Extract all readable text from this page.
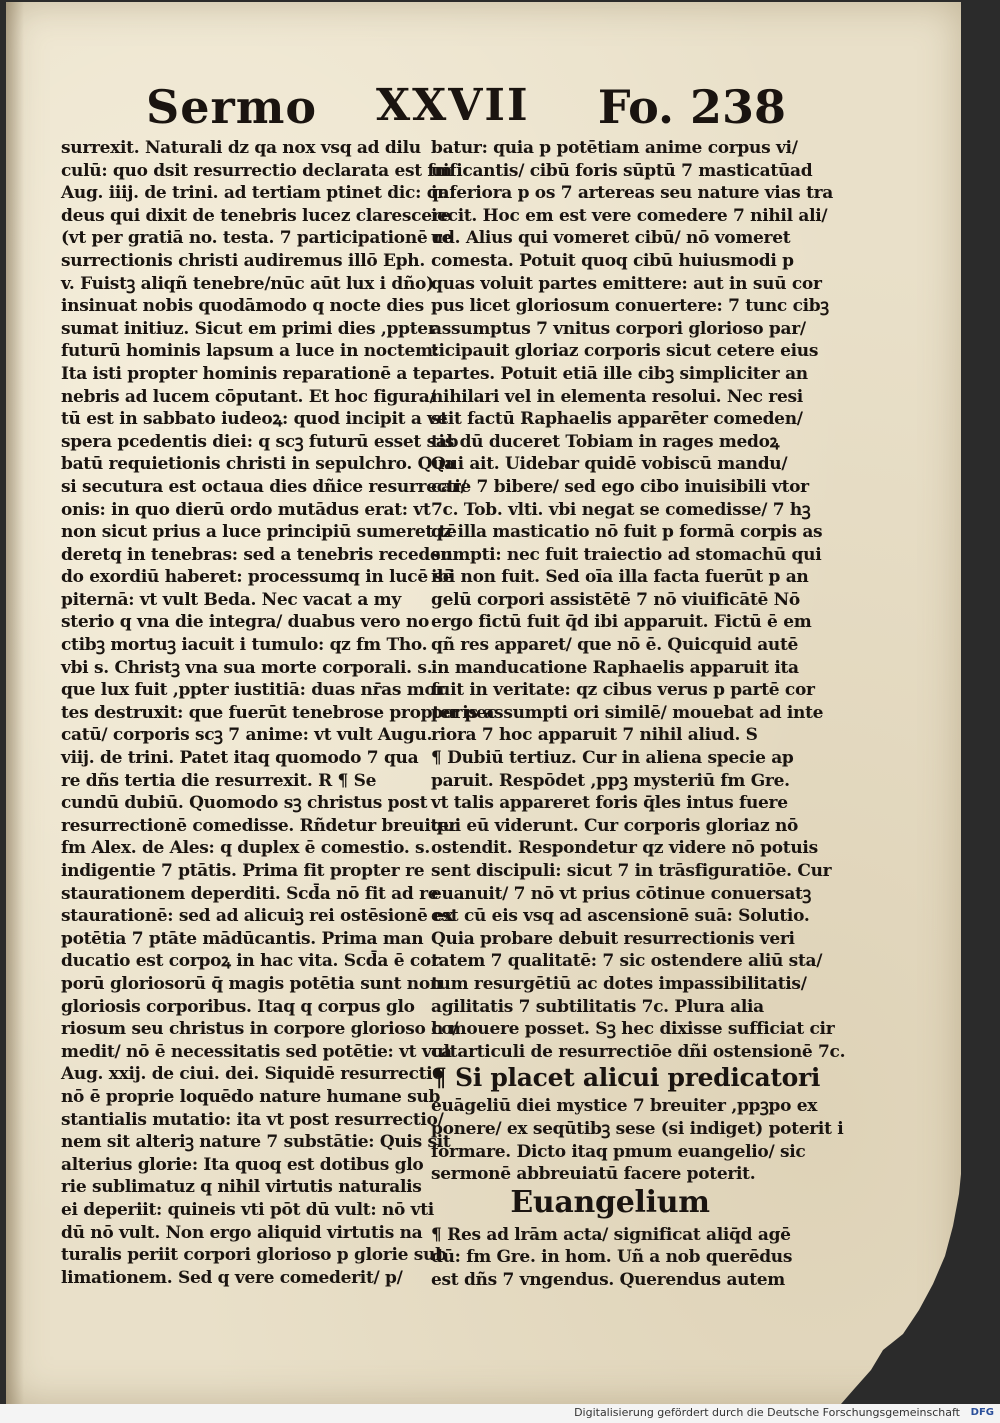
Sermo XXVII Fo. 238
surrexit. Naturali dz qa nox vsq ad dilu
culū: quo dsit resurrectio declarata est fm
Aug. iiij. de trini. ad tertiam ptinet dic: qa
deus qui dixit de tenebris lucez clarescere
(vt per gratiā no. testa. 7 participationē re
surrectionis christi audiremus illō Eph.
v. Fuistꝫ aliqñ tenebre/nūc aūt lux i dño)
insinuat nobis quodāmodo q nocte dies
sumat initiuz. Sicut em primi dies ,ppter
futurū hominis lapsum a luce in noctem:
Ita isti propter hominis reparationē a te
nebris ad lucem cōputant. Et hoc figura/
tū est in sabbato iudeoꝝ: quod incipit a ve
spera pcedentis diei: q scꝫ futurū esset sab
batū requietionis christi in sepulchro. Qua
si secutura est octaua dies dñice resurrecti/
onis: in quo dierū ordo mutādus erat: vt
non sicut prius a luce principiū sumeret tē
deretq in tenebras: sed a tenebris receden
do exordiū haberet: processumq in lucē sē
piternā: vt vult Beda. Nec vacat a my
sterio q vna die integra/ duabus vero no
ctibꝫ mortuꝫ iacuit i tumulo: qz fm Tho.
vbi s. Christꝫ vna sua morte corporali. s.
que lux fuit ,ppter iustitiā: duas nr̄as mor
tes destruxit: que fuerūt tenebrose propter pec
catū/ corporis scꝫ 7 anime: vt vult Augu.
viij. de trini. Patet itaq quomodo 7 qua
re dñs tertia die resurrexit. R ¶ Se
cundū dubiū. Quomodo sꝫ christus post
resurrectionē comedisse. Rñdetur breuiter
fm Alex. de Ales: q duplex ē comestio. s.
indigentie 7 ptātis. Prima fit propter re
staurationem deperditi. Scd̄a nō fit ad re
staurationē: sed ad alicuiꝫ rei ostēsionē ex
potētia 7 ptāte mādūcantis. Prima man
ducatio est corpoꝝ in hac vita. Scd̄a ē cor
porū gloriosorū q̄ magis potētia sunt non
gloriosis corporibus. Itaq q corpus glo
riosum seu christus in corpore glorioso co/
medit/ nō ē necessitatis sed potētie: vt vult
Aug. xxij. de ciui. dei. Siquidē resurrectio
nō ē proprie loquēdo nature humane sub
stantialis mutatio: ita vt post resurrectio/
nem sit alteriꝫ nature 7 substātie: Quis sit
alterius glorie: Ita quoq est dotibus glo
rie sublimatuz q nihil virtutis naturalis
ei deperiit: quineis vti pōt dū vult: nō vti
dū nō vult. Non ergo aliquid virtutis na
turalis periit corpori glorioso p glorie sub
limationem. Sed q vere comederit/ p/
batur: quia p potētiam anime corpus vi/
uificantis/ cibū foris sūptū 7 masticatūad
inferiora p os 7 artereas seu nature vias tra
iecit. Hoc em est vere comedere 7 nihil ali/
ud. Alius qui vomeret cibū/ nō vomeret
comesta. Potuit quoq cibū huiusmodi p
quas voluit partes emittere: aut in suū cor
pus licet gloriosum conuertere: 7 tunc cibꝫ
assumptus 7 vnitus corpori glorioso par/
ticipauit gloriaz corporis sicut cetere eius
partes. Potuit etiā ille cibꝫ simpliciter an
nihilari vel in elementa resolui. Nec resi
stit factū Raphaelis apparēter comeden/
tis dū duceret Tobiam in rages medoꝝ
Qui ait. Uidebar quidē vobiscū mandu/
care 7 bibere/ sed ego cibo inuisibili vtor
7c. Tob. vlti. vbi negat se comedisse/ 7 hꝫ
qz illa masticatio nō fuit p formā corpis as
sumpti: nec fuit traiectio ad stomachū qui
ibi non fuit. Sed oīa illa facta fuerūt p an
gelū corpori assistētē 7 nō viuificātē Nō
ergo fictū fuit q̄d ibi apparuit. Fictū ē em
qñ res apparet/ que nō ē. Quicquid autē
in manducatione Raphaelis apparuit ita
fuit in veritate: qz cibus verus p partē cor
poris assumpti ori similē/ mouebat ad inte
riora 7 hoc apparuit 7 nihil aliud. S
¶ Dubiū tertiuz. Cur in aliena specie ap
paruit. Respōdet ,ppꝫ mysteriū fm Gre.
vt talis appareret foris q̄les intus fuere
qui eū viderunt. Cur corporis gloriaz nō
ostendit. Respondetur qz videre nō potuis
sent discipuli: sicut 7 in trāsfiguratiōe. Cur
euanuit/ 7 nō vt prius cōtinue conuersatꝫ
est cū eis vsq ad ascensionē suā: Solutio.
Quia probare debuit resurrectionis veri
tatem 7 qualitatē: 7 sic ostendere aliū sta/
tum resurgētiū ac dotes impassibilitatis/
agilitatis 7 subtilitatis 7c. Plura alia
h mouere posset. Sꝫ hec dixisse sufficiat cir
ca articuli de resurrectiōe dñi ostensionē 7c.
¶ Si placet alicui predicatori
euāgeliū diei mystice 7 breuiter ,ppꝫpo ex
ponere/ ex seqūtibꝫ sese (si indiget) poterit i
formare. Dicto itaq pmum euangelio/ sic
sermonē abbreuiatū facere poterit.
Euangelium
¶ Res ad lrām acta/ significat aliq̄d agē
dū: fm Gre. in hom. Uñ a nob querēdus
est dñs 7 vngendus. Querendus autem
Digitalisierung gefördert durch die Deutsche Forschungsgemeinschaft DFG
